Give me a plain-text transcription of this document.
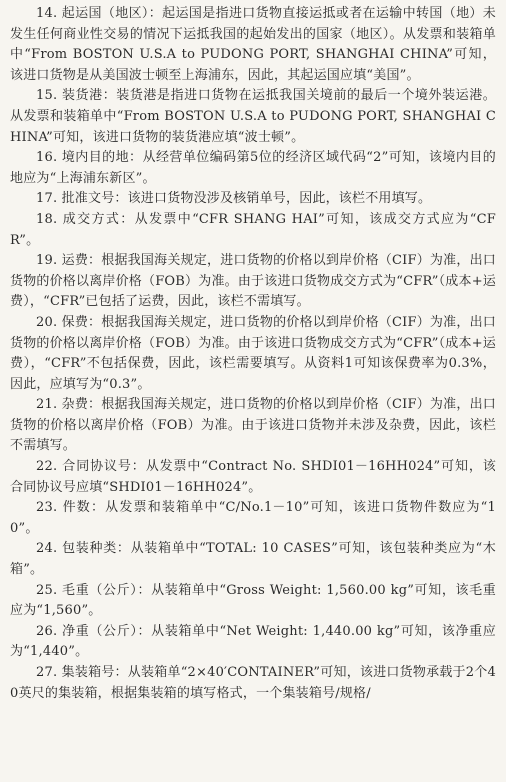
14. 起运国（地区）：起运国是指进口货物直接运抵或者在运输中转国（地）未发生任何商业性交易的情况下运抵我国的起始发出的国家（地区）。从发票和装箱单中“From BOSTON U.S.A to PUDONG PORT, SHANGHAI CHINA”可知，该进口货物是从美国波士顿至上海浦东，因此，其起运国应填“美国”。

15. 装货港：装货港是指进口货物在运抵我国关境前的最后一个境外装运港。从发票和装箱单中“From BOSTON U.S.A to PUDONG PORT, SHANGHAI CHINA”可知，该进口货物的装货港应填“波士顿”。

16. 境内目的地：从经营单位编码第5位的经济区域代码“2”可知，该境内目的地应为“上海浦东新区”。

17. 批准文号：该进口货物没涉及核销单号，因此，该栏不用填写。

18. 成交方式：从发票中“CFR SHANG HAI”可知，该成交方式应为“CFR”。

19. 运费：根据我国海关规定，进口货物的价格以到岸价格（CIF）为准，出口货物的价格以离岸价格（FOB）为准。由于该进口货物成交方式为“CFR”（成本+运费），“CFR”已包括了运费，因此，该栏不需填写。

20. 保费：根据我国海关规定，进口货物的价格以到岸价格（CIF）为准，出口货物的价格以离岸价格（FOB）为准。由于该进口货物成交方式为“CFR”（成本+运费），“CFR”不包括保费，因此，该栏需要填写。从资料1可知该保费率为0.3%，因此，应填写为“0.3”。

21. 杂费：根据我国海关规定，进口货物的价格以到岸价格（CIF）为准，出口货物的价格以离岸价格（FOB）为准。由于该进口货物并未涉及杂费，因此，该栏不需填写。

22. 合同协议号：从发票中“Contract No. SHDI01－16HH024”可知，该合同协议号应填“SHDI01－16HH024”。

23. 件数：从发票和装箱单中“C/No.1－10”可知，该进口货物件数应为“10”。

24. 包装种类：从装箱单中“TOTAL: 10 CASES”可知，该包装种类应为“木箱”。

25. 毛重（公斤）：从装箱单中“Gross Weight: 1,560.00 kg”可知，该毛重应为“1,560”。

26. 净重（公斤）：从装箱单中“Net Weight: 1,440.00 kg”可知，该净重应为“1,440”。

27. 集装箱号：从装箱单“2×40′CONTAINER”可知，该进口货物承载于2个40英尺的集装箱，根据集装箱的填写格式，一个集装箱号/规格/
